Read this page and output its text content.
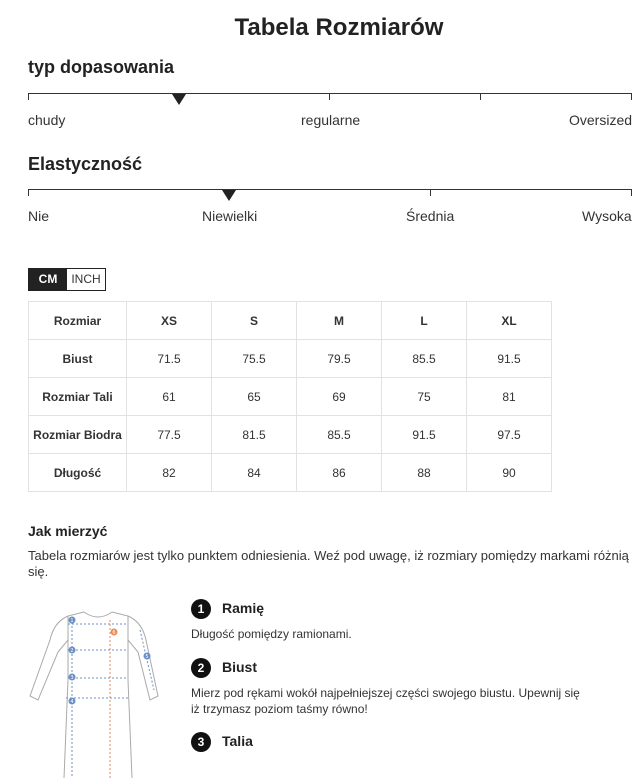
Tabela Rozmiarów
typ dopasowania
chudy	regularne	Oversized
Elastyczność
Nie	Niewielki	Średnia	Wysoka
CM	INCH
Rozmiar	XS	S	M	L	XL
Biust	71.5	75.5	79.5	85.5	91.5
Rozmiar Tali	61	65	69	75	81
Rozmiar Biodra	77.5	81.5	85.5	91.5	97.5
Długość	82	84	86	88	90
Jak mierzyć
Tabela rozmiarów jest tylko punktem odniesienia. Weź pod uwagę, iż rozmiary pomiędzy markami różnią się.
1
2
3
4
5
6
1	Ramię
Długość pomiędzy ramionami.
2	Biust
Mierz pod rękami wokół najpełniejszej części swojego biustu. Upewnij się iż trzymasz poziom taśmy równo!
3	Talia
